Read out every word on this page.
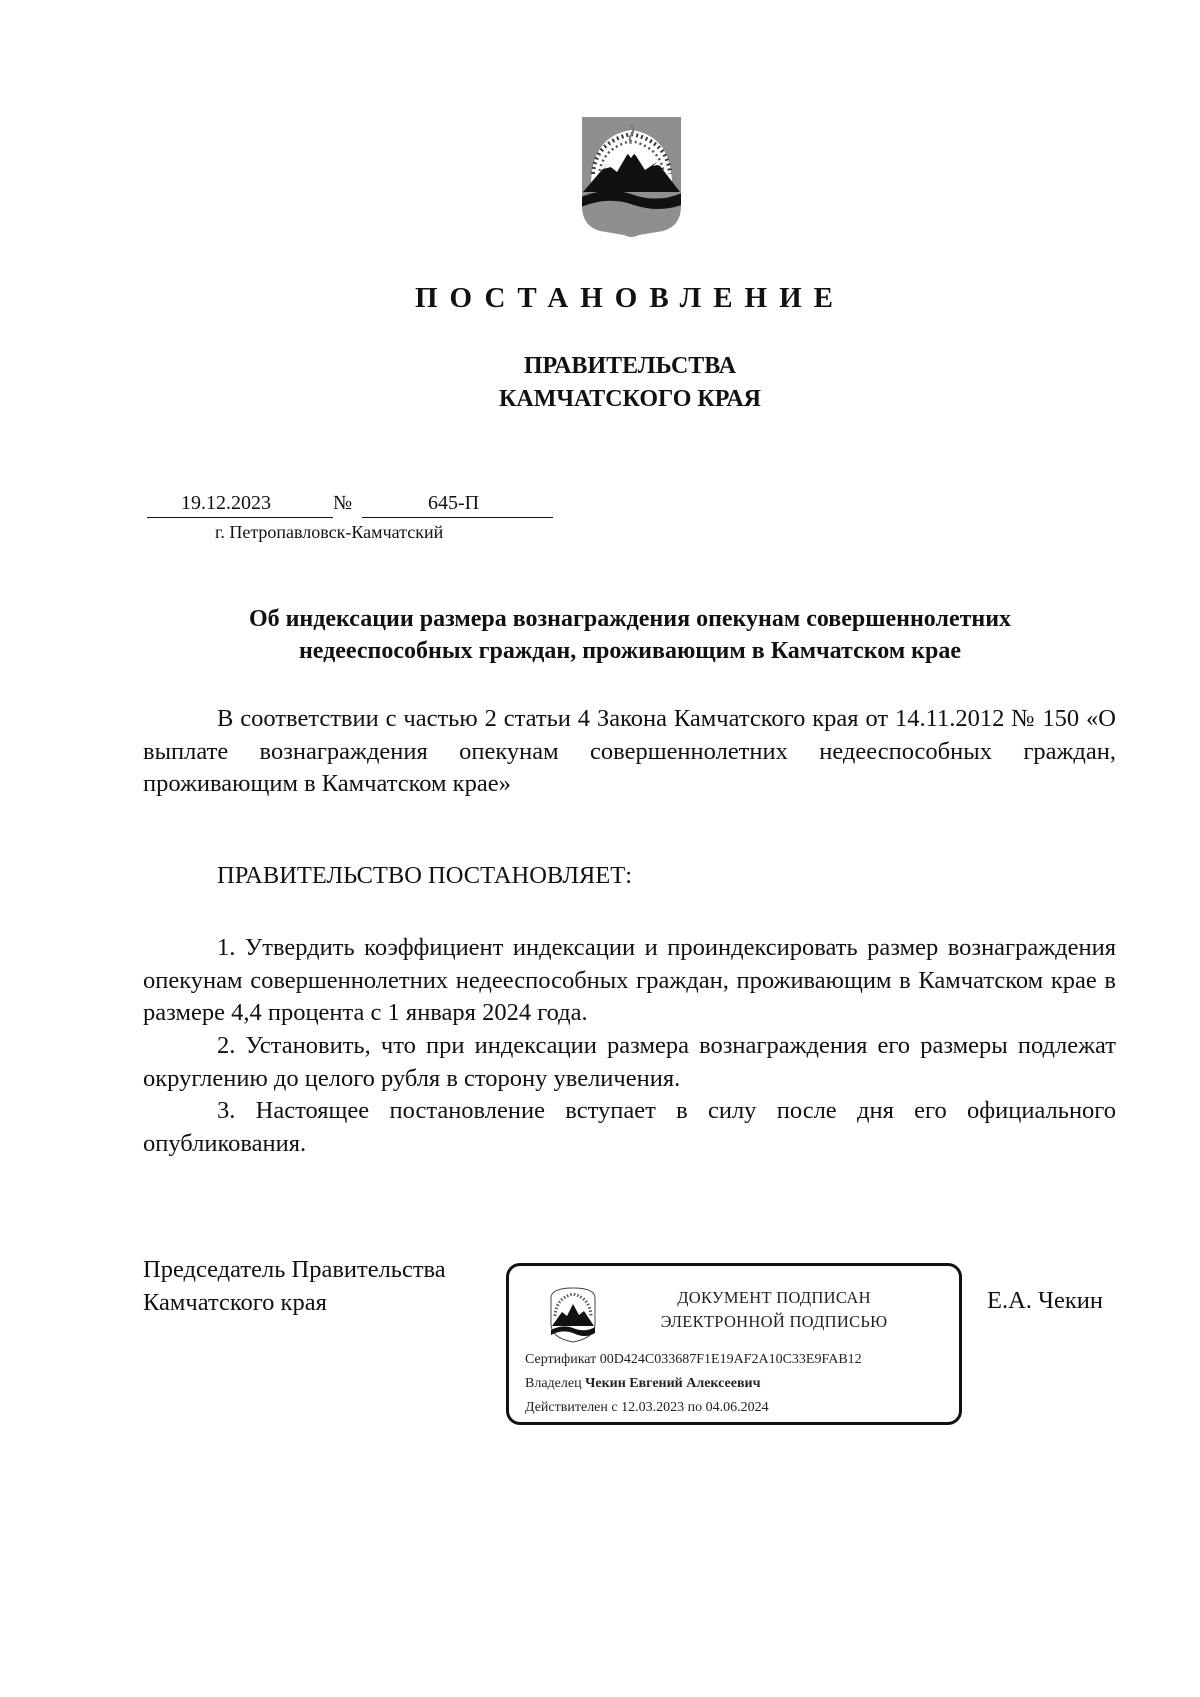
ПОСТАНОВЛЕНИЕ
ПРАВИТЕЛЬСТВА
КАМЧАТСКОГО КРАЯ
19.12.2023	№	645-П
г. Петропавловск-Камчатский
Об индексации размера вознаграждения опекунам совершеннолетних
недееспособных граждан, проживающим в Камчатском крае
В соответствии с частью 2 статьи 4 Закона Камчатского края от 14.11.2012 № 150 «О выплате вознаграждения опекунам совершеннолетних недееспособных граждан, проживающим в Камчатском крае»
ПРАВИТЕЛЬСТВО ПОСТАНОВЛЯЕТ:
1. Утвердить коэффициент индексации и проиндексировать размер вознаграждения опекунам совершеннолетних недееспособных граждан, проживающим в Камчатском крае в размере 4,4 процента с 1 января 2024 года.
2. Установить, что при индексации размера вознаграждения его размеры подлежат округлению до целого рубля в сторону увеличения.
3. Настоящее постановление вступает в силу после дня его официального опубликования.
Председатель Правительства
Камчатского края	ДОКУМЕНТ ПОДПИСАН
ЭЛЕКТРОННОЙ ПОДПИСЬЮ
Сертификат 00D424C033687F1E19AF2A10C33E9FAB12
Владелец Чекин Евгений Алексеевич
Действителен с 12.03.2023 по 04.06.2024
Е.А. Чекин
